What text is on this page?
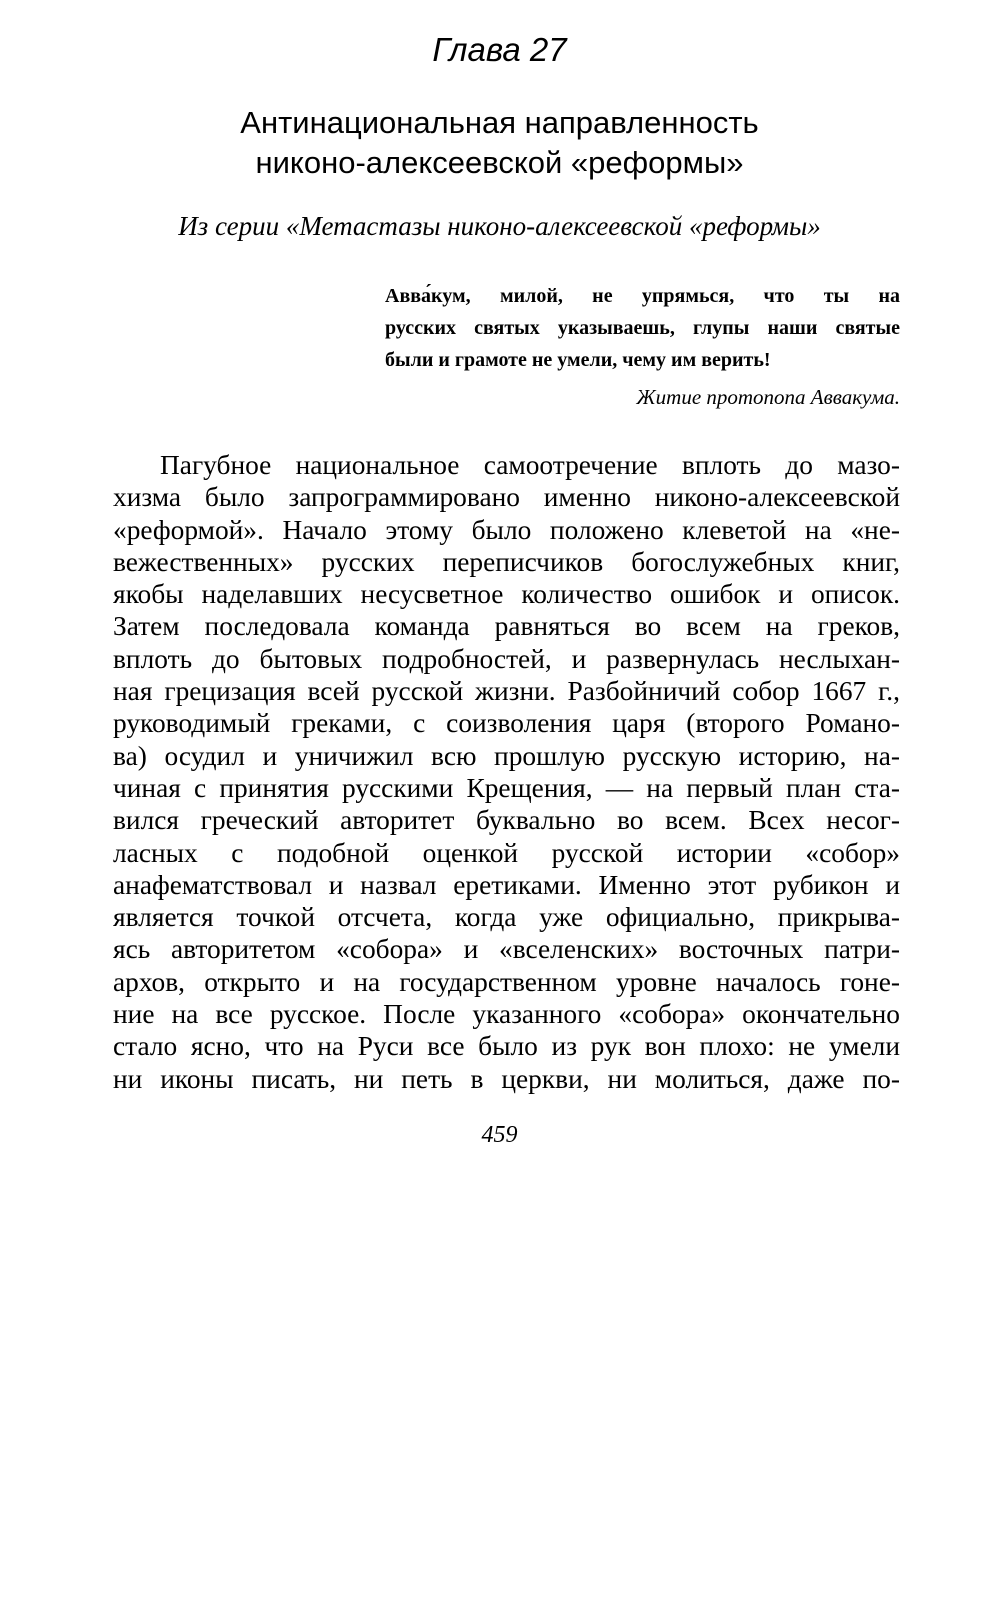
Глава 27
Антинациональная направленность
никоно-алексеевской «реформы»
Из серии «Метастазы никоно-алексеевской «реформы»
Авва́кум, милой, не упрямься, что ты на
русских святых указываешь, глупы наши святые
были и грамоте не умели, чему им верить!
Житие протопопа Аввакума.
Пагубное национальное самоотречение вплоть до мазо-
хизма было запрограммировано именно никоно-алексеевской
«реформой». Начало этому было положено клеветой на «не-
вежественных» русских переписчиков богослужебных книг,
якобы наделавших несусветное количество ошибок и описок.
Затем последовала команда равняться во всем на греков,
вплоть до бытовых подробностей, и развернулась неслыхан-
ная грецизация всей русской жизни. Разбойничий собор 1667 г.,
руководимый греками, с соизволения царя (второго Романо-
ва) осудил и уничижил всю прошлую русскую историю, на-
чиная с принятия русскими Крещения, — на первый план ста-
вился греческий авторитет буквально во всем. Всех несог-
ласных с подобной оценкой русской истории «собор»
анафематствовал и назвал еретиками. Именно этот рубикон и
является точкой отсчета, когда уже официально, прикрыва-
ясь авторитетом «собора» и «вселенских» восточных патри-
архов, открыто и на государственном уровне началось гоне-
ние на все русское. После указанного «собора» окончательно
стало ясно, что на Руси все было из рук вон плохо: не умели
ни иконы писать, ни петь в церкви, ни молиться, даже по-
459
